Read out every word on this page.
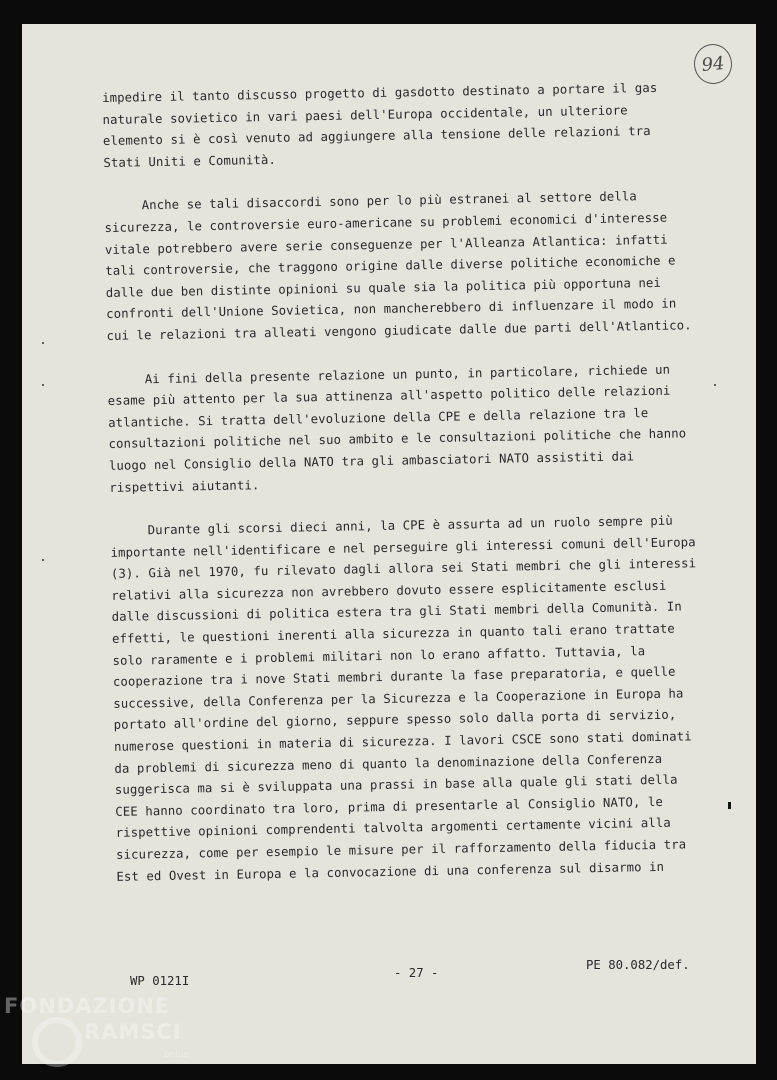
94
impedire il tanto discusso progetto di gasdotto destinato a portare il gas
naturale sovietico in vari paesi dell'Europa occidentale, un ulteriore
elemento si è così venuto ad aggiungere alla tensione delle relazioni tra
Stati Uniti e Comunità.
Anche se tali disaccordi sono per lo più estranei al settore della
sicurezza, le controversie euro-americane su problemi economici d'interesse
vitale potrebbero avere serie conseguenze per l'Alleanza Atlantica: infatti
tali controversie, che traggono origine dalle diverse politiche economiche e
dalle due ben distinte opinioni su quale sia la politica più opportuna nei
confronti dell'Unione Sovietica, non mancherebbero di influenzare il modo in
cui le relazioni tra alleati vengono giudicate dalle due parti dell'Atlantico.
Ai fini della presente relazione un punto, in particolare, richiede un
esame più attento per la sua attinenza all'aspetto politico delle relazioni
atlantiche. Si tratta dell'evoluzione della CPE e della relazione tra le
consultazioni politiche nel suo ambito e le consultazioni politiche che hanno
luogo nel Consiglio della NATO tra gli ambasciatori NATO assistiti dai
rispettivi aiutanti.
Durante gli scorsi dieci anni, la CPE è assurta ad un ruolo sempre più
importante nell'identificare e nel perseguire gli interessi comuni dell'Europa
(3). Già nel 1970, fu rilevato dagli allora sei Stati membri che gli interessi
relativi alla sicurezza non avrebbero dovuto essere esplicitamente esclusi
dalle discussioni di politica estera tra gli Stati membri della Comunità. In
effetti, le questioni inerenti alla sicurezza in quanto tali erano trattate
solo raramente e i problemi militari non lo erano affatto. Tuttavia, la
cooperazione tra i nove Stati membri durante la fase preparatoria, e quelle
successive, della Conferenza per la Sicurezza e la Cooperazione in Europa ha
portato all'ordine del giorno, seppure spesso solo dalla porta di servizio,
numerose questioni in materia di sicurezza. I lavori CSCE sono stati dominati
da problemi di sicurezza meno di quanto la denominazione della Conferenza
suggerisca ma si è sviluppata una prassi in base alla quale gli stati della
CEE hanno coordinato tra loro, prima di presentarle al Consiglio NATO, le
rispettive opinioni comprendenti talvolta argomenti certamente vicini alla
sicurezza, come per esempio le misure per il rafforzamento della fiducia tra
Est ed Ovest in Europa e la convocazione di una conferenza sul disarmo in
WP 0121I
- 27 -
PE 80.082/def.
FONDAZIONE
RAMSCI
onlus
